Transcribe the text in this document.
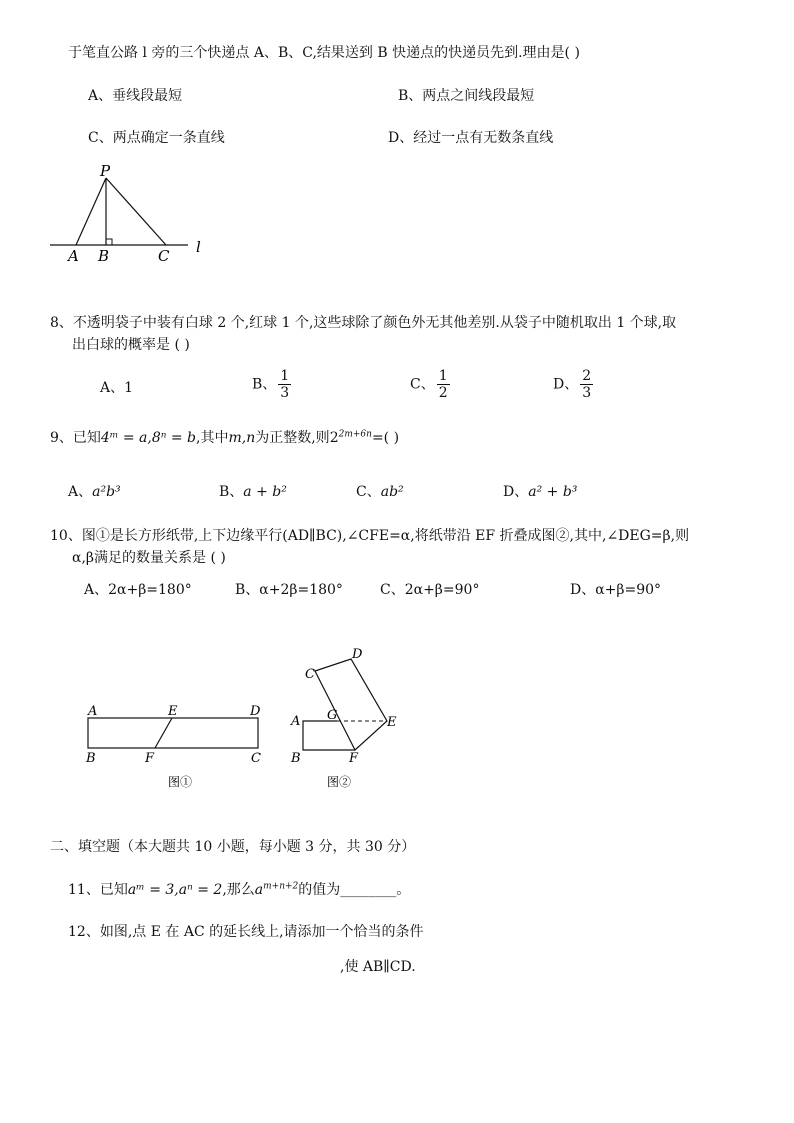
于笔直公路 l 旁的三个快递点 A、B、C,结果送到 B 快递点的快递员先到.理由是( )
A、垂线段最短	B、两点之间线段最短
C、两点确定一条直线	D、经过一点有无数条直线
P
A B	C l
8、不透明袋子中装有白球 2 个,红球 1 个,这些球除了颜色外无其他差别.从袋子中随机取出 1 个球,取
出白球的概率是 ( )
A、1	B、 $\frac{1}{3}$	C、 $\frac{1}{2}$	D、 $\frac{2}{3}$
9、已知4ᵐ = a,8ⁿ = b,其中m,n为正整数,则$2^{2m+6n}=$( )
A、a²b³	B、a + b²	C、ab²	D、a² + b³
10、图①是长方形纸带,上下边缘平行(AD∥BC),∠CFE=α,将纸带沿 EF 折叠成图②,其中,∠DEG=β,则
α,β满足的数量关系是 ( )
A、2α+β=180°	B、α+2β=180°	C、2α+β=90°	D、α+β=90°
A	E	D
B	F	C
图①
C
D
A G	E
B	F
图②
二、填空题（本大题共 10 小题，每小题 3 分，共 30 分）
11、已知aᵐ = 3,aⁿ = 2,那么$a^{m+n+2}$的值为________。
12、如图,点 E 在 AC 的延长线上,请添加一个恰当的条件
,使 AB∥CD.
